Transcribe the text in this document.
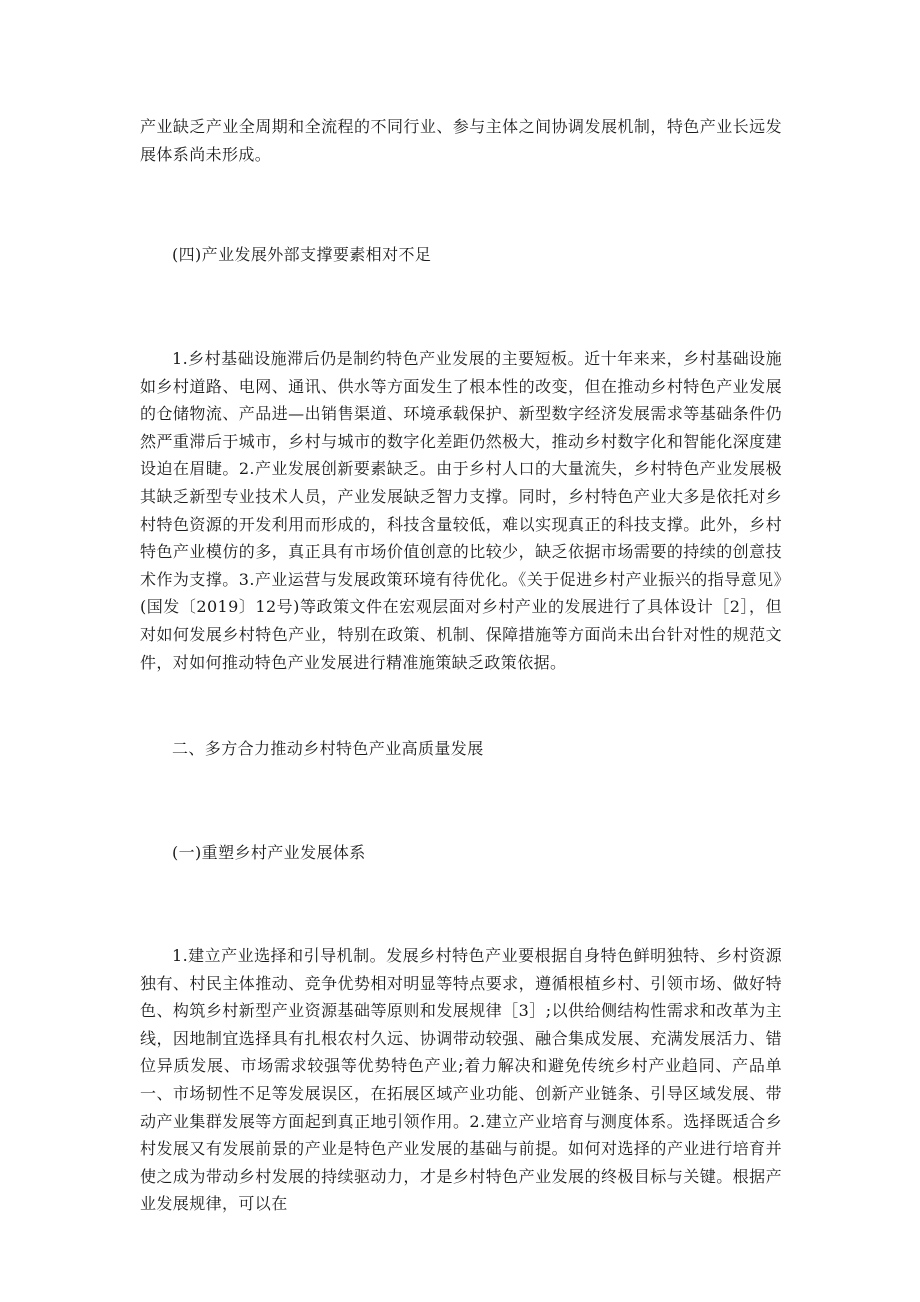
产业缺乏产业全周期和全流程的不同行业、参与主体之间协调发展机制，特色产业长远发展体系尚未形成。

(四)产业发展外部支撑要素相对不足

1.乡村基础设施滞后仍是制约特色产业发展的主要短板。近十年来来，乡村基础设施如乡村道路、电网、通讯、供水等方面发生了根本性的改变，但在推动乡村特色产业发展的仓储物流、产品进—出销售渠道、环境承载保护、新型数字经济发展需求等基础条件仍然严重滞后于城市，乡村与城市的数字化差距仍然极大，推动乡村数字化和智能化深度建设迫在眉睫。2.产业发展创新要素缺乏。由于乡村人口的大量流失，乡村特色产业发展极其缺乏新型专业技术人员，产业发展缺乏智力支撑。同时，乡村特色产业大多是依托对乡村特色资源的开发利用而形成的，科技含量较低，难以实现真正的科技支撑。此外，乡村特色产业模仿的多，真正具有市场价值创意的比较少，缺乏依据市场需要的持续的创意技术作为支撑。3.产业运营与发展政策环境有待优化。《关于促进乡村产业振兴的指导意见》(国发〔2019〕12号)等政策文件在宏观层面对乡村产业的发展进行了具体设计［2］，但对如何发展乡村特色产业，特别在政策、机制、保障措施等方面尚未出台针对性的规范文件，对如何推动特色产业发展进行精准施策缺乏政策依据。

二、多方合力推动乡村特色产业高质量发展

(一)重塑乡村产业发展体系

1.建立产业选择和引导机制。发展乡村特色产业要根据自身特色鲜明独特、乡村资源独有、村民主体推动、竞争优势相对明显等特点要求，遵循根植乡村、引领市场、做好特色、构筑乡村新型产业资源基础等原则和发展规律［3］;以供给侧结构性需求和改革为主线，因地制宜选择具有扎根农村久远、协调带动较强、融合集成发展、充满发展活力、错位异质发展、市场需求较强等优势特色产业;着力解决和避免传统乡村产业趋同、产品单一、市场韧性不足等发展误区，在拓展区域产业功能、创新产业链条、引导区域发展、带动产业集群发展等方面起到真正地引领作用。2.建立产业培育与测度体系。选择既适合乡村发展又有发展前景的产业是特色产业发展的基础与前提。如何对选择的产业进行培育并使之成为带动乡村发展的持续驱动力，才是乡村特色产业发展的终极目标与关键。根据产业发展规律，可以在
